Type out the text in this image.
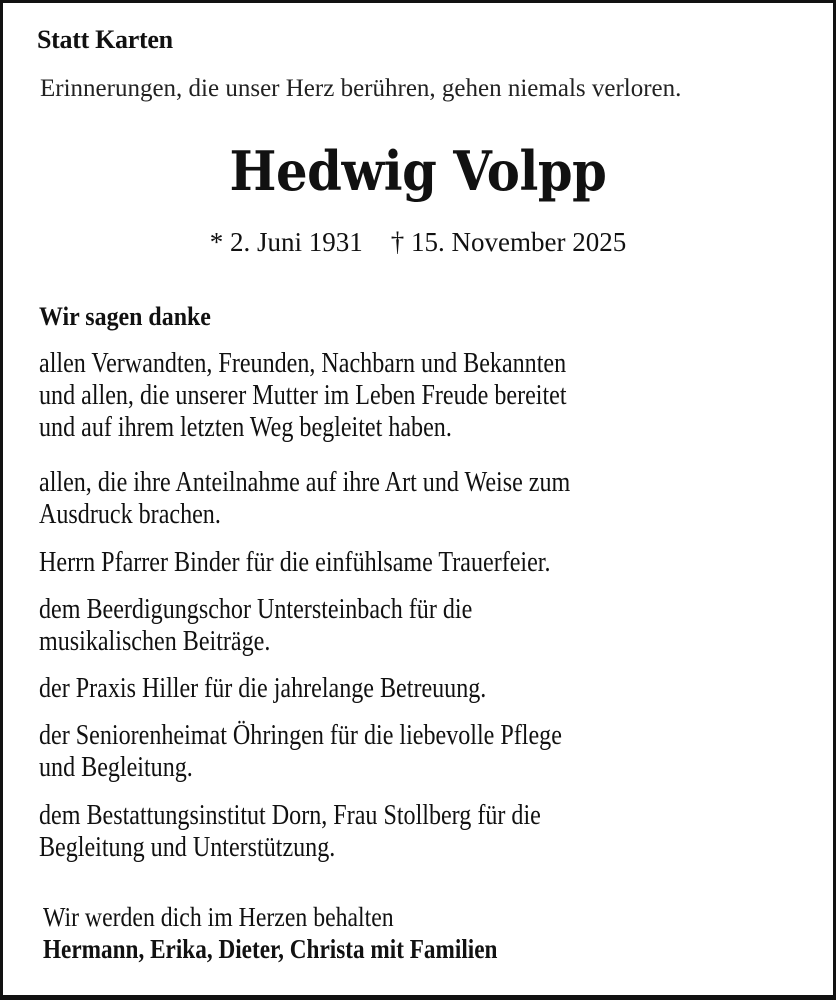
Statt Karten
Erinnerungen, die unser Herz berühren, gehen niemals verloren.
Hedwig Volpp
* 2. Juni 1931 † 15. November 2025
Wir sagen danke
allen Verwandten, Freunden, Nachbarn und Bekannten
und allen, die unserer Mutter im Leben Freude bereitet
und auf ihrem letzten Weg begleitet haben.
allen, die ihre Anteilnahme auf ihre Art und Weise zum
Ausdruck brachen.
Herrn Pfarrer Binder für die einfühlsame Trauerfeier.
dem Beerdigungschor Untersteinbach für die
musikalischen Beiträge.
der Praxis Hiller für die jahrelange Betreuung.
der Seniorenheimat Öhringen für die liebevolle Pflege
und Begleitung.
dem Bestattungsinstitut Dorn, Frau Stollberg für die
Begleitung und Unterstützung.
Wir werden dich im Herzen behalten
Hermann, Erika, Dieter, Christa mit Familien
